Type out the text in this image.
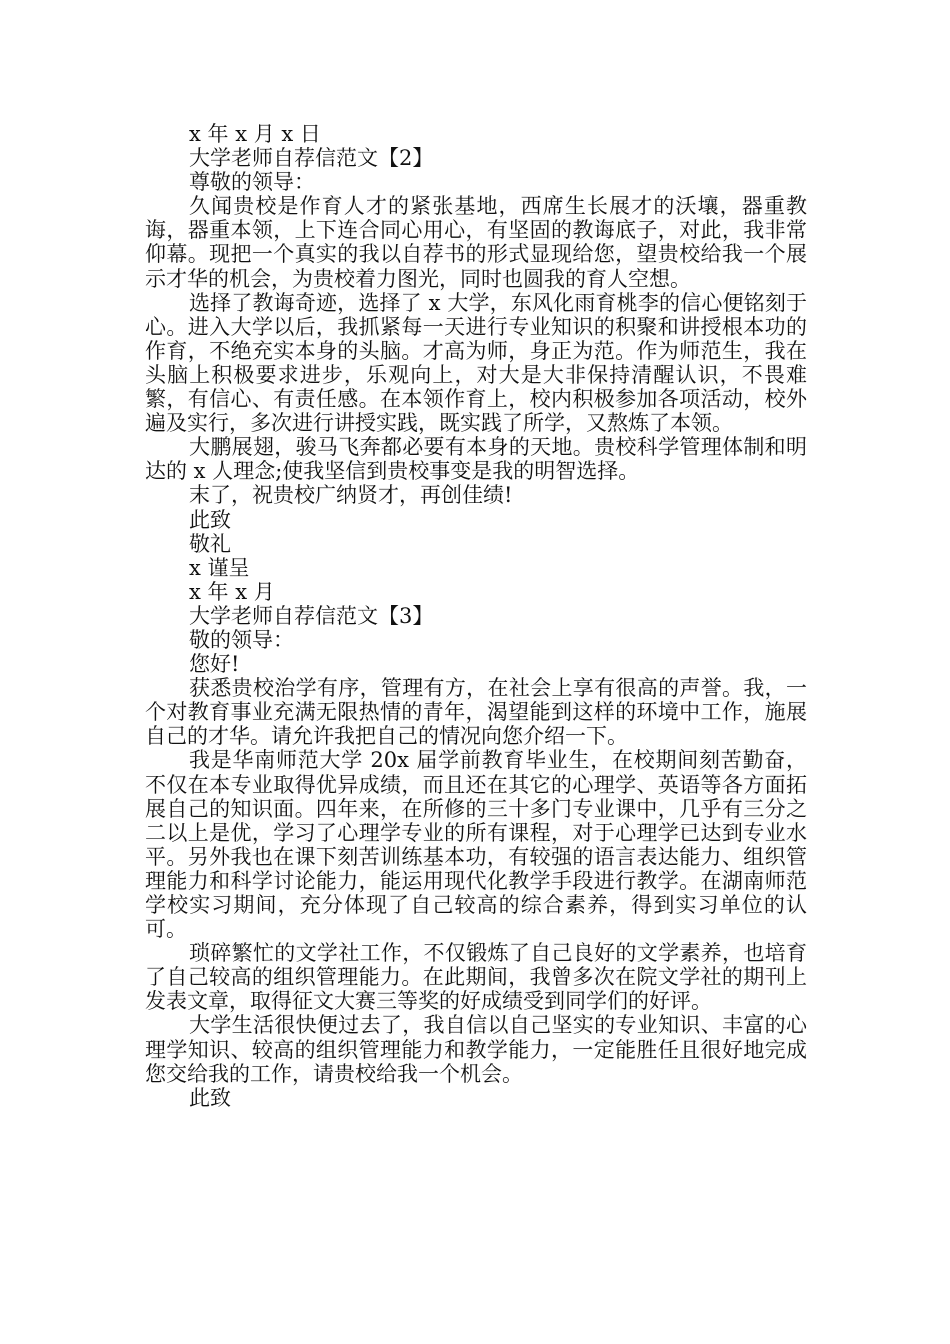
x 年 x 月 x 日
大学老师自荐信范文【2】
尊敬的领导：

久闻贵校是作育人才的紧张基地，西席生长展才的沃壤，器重教诲，器重本领，上下连合同心用心，有坚固的教诲底子，对此，我非常仰幕。现把一个真实的我以自荐书的形式显现给您，望贵校给我一个展示才华的机会，为贵校着力图光，同时也圆我的育人空想。

选择了教诲奇迹，选择了 x 大学，东风化雨育桃李的信心便铭刻于心。进入大学以后，我抓紧每一天进行专业知识的积聚和讲授根本功的作育，不绝充实本身的头脑。才高为师，身正为范。作为师范生，我在头脑上积极要求进步，乐观向上，对大是大非保持清醒认识，不畏难繁，有信心、有责任感。在本领作育上，校内积极参加各项活动，校外遍及实行，多次进行讲授实践，既实践了所学，又熬炼了本领。

大鹏展翅，骏马飞奔都必要有本身的天地。贵校科学管理体制和明达的 x 人理念;使我坚信到贵校事变是我的明智选择。

末了，祝贵校广纳贤才，再创佳绩!

此致
敬礼
x 谨呈
x 年 x 月
大学老师自荐信范文【3】
敬的领导：
您好!

获悉贵校治学有序，管理有方，在社会上享有很高的声誉。我，一个对教育事业充满无限热情的青年，渴望能到这样的环境中工作，施展自己的才华。请允许我把自己的情况向您介绍一下。

我是华南师范大学 20x 届学前教育毕业生，在校期间刻苦勤奋，不仅在本专业取得优异成绩，而且还在其它的心理学、英语等各方面拓展自己的知识面。四年来，在所修的三十多门专业课中，几乎有三分之二以上是优，学习了心理学专业的所有课程，对于心理学已达到专业水平。另外我也在课下刻苦训练基本功，有较强的语言表达能力、组织管理能力和科学讨论能力，能运用现代化教学手段进行教学。在湖南师范学校实习期间，充分体现了自己较高的综合素养，得到实习单位的认可。

琐碎繁忙的文学社工作，不仅锻炼了自己良好的文学素养，也培育了自己较高的组织管理能力。在此期间，我曾多次在院文学社的期刊上发表文章，取得征文大赛三等奖的好成绩受到同学们的好评。

大学生活很快便过去了，我自信以自己坚实的专业知识、丰富的心理学知识、较高的组织管理能力和教学能力，一定能胜任且很好地完成您交给我的工作，请贵校给我一个机会。

此致
